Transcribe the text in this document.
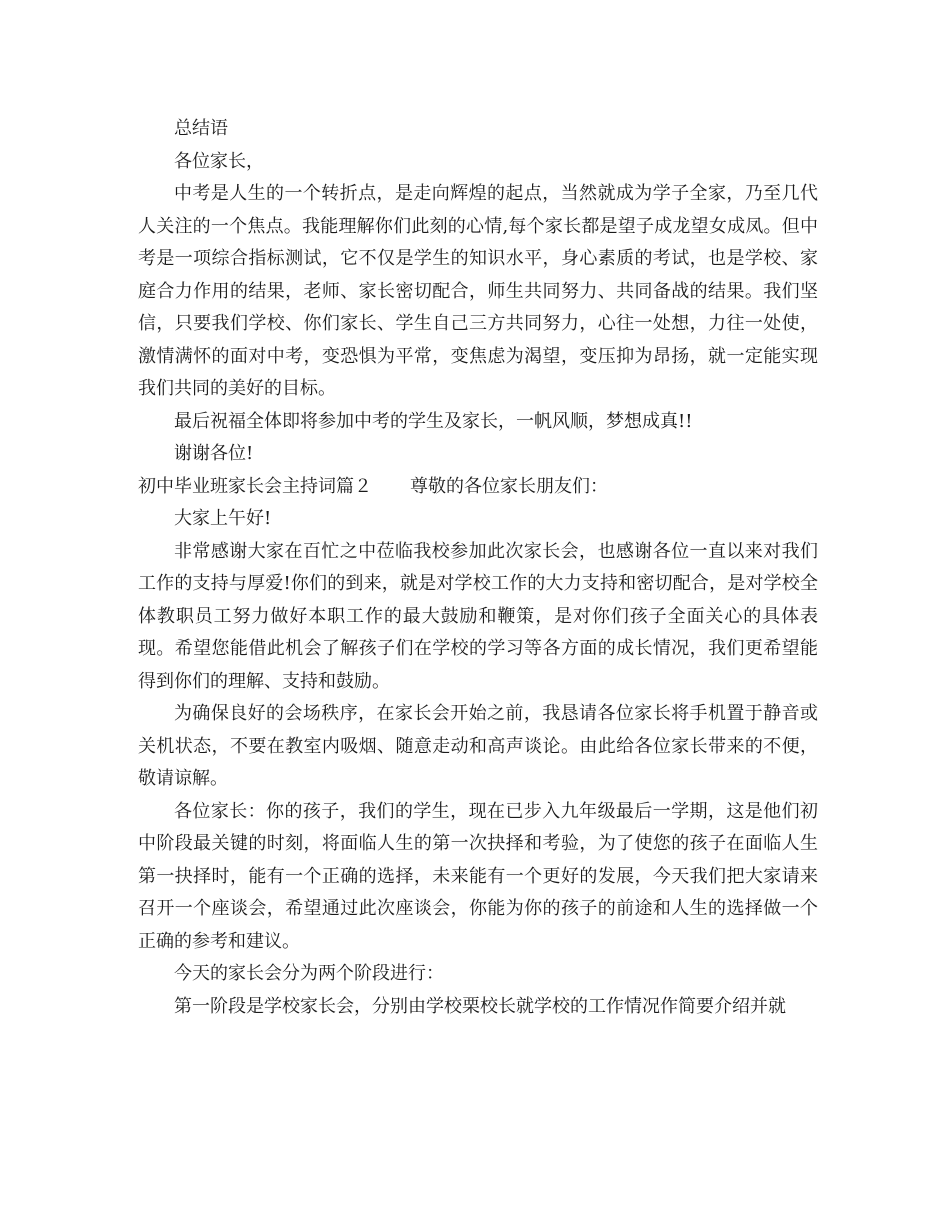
总结语

各位家长，

中考是人生的一个转折点，是走向辉煌的起点，当然就成为学子全家，乃至几代人关注的一个焦点。我能理解你们此刻的心情,每个家长都是望子成龙望女成凤。但中考是一项综合指标测试，它不仅是学生的知识水平，身心素质的考试，也是学校、家庭合力作用的结果，老师、家长密切配合，师生共同努力、共同备战的结果。我们坚信，只要我们学校、你们家长、学生自己三方共同努力，心往一处想，力往一处使，激情满怀的面对中考，变恐惧为平常，变焦虑为渴望，变压抑为昂扬，就一定能实现我们共同的美好的目标。

最后祝福全体即将参加中考的学生及家长，一帆风顺，梦想成真!!

谢谢各位!

初中毕业班家长会主持词篇２ 尊敬的各位家长朋友们：

大家上午好!

非常感谢大家在百忙之中莅临我校参加此次家长会，也感谢各位一直以来对我们工作的支持与厚爱!你们的到来，就是对学校工作的大力支持和密切配合，是对学校全体教职员工努力做好本职工作的最大鼓励和鞭策，是对你们孩子全面关心的具体表现。希望您能借此机会了解孩子们在学校的学习等各方面的成长情况，我们更希望能得到你们的理解、支持和鼓励。

为确保良好的会场秩序，在家长会开始之前，我恳请各位家长将手机置于静音或关机状态，不要在教室内吸烟、随意走动和高声谈论。由此给各位家长带来的不便，敬请谅解。

各位家长：你的孩子，我们的学生，现在已步入九年级最后一学期，这是他们初中阶段最关键的时刻，将面临人生的第一次抉择和考验，为了使您的孩子在面临人生第一抉择时，能有一个正确的选择，未来能有一个更好的发展，今天我们把大家请来召开一个座谈会，希望通过此次座谈会，你能为你的孩子的前途和人生的选择做一个正确的参考和建议。

今天的家长会分为两个阶段进行：

第一阶段是学校家长会，分别由学校栗校长就学校的工作情况作简要介绍并就
